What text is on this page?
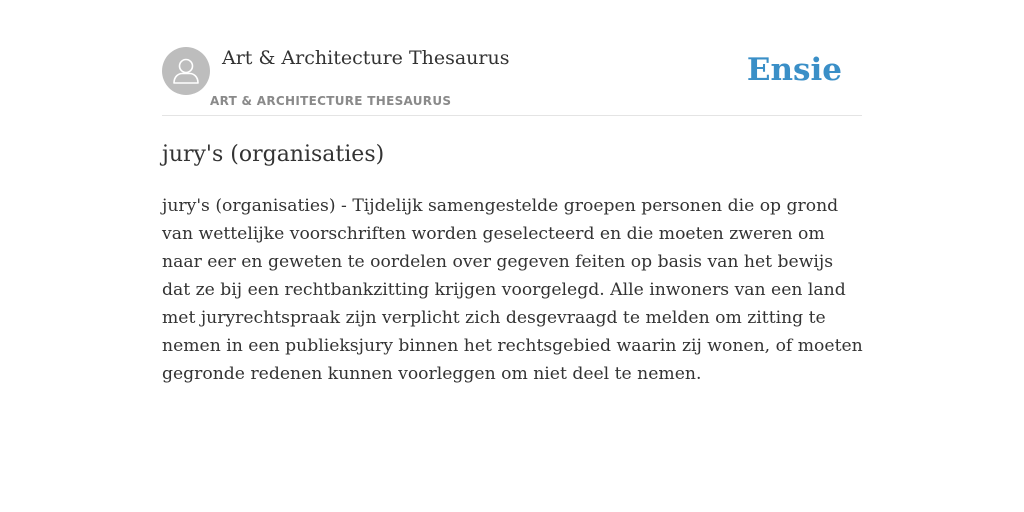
Art & Architecture Thesaurus
ART & ARCHITECTURE THESAURUS
Ensie
jury's (organisaties)

jury's (organisaties) - Tijdelijk samengestelde groepen personen die op grond van wettelijke voorschriften worden geselecteerd en die moeten zweren om naar eer en geweten te oordelen over gegeven feiten op basis van het bewijs dat ze bij een rechtbankzitting krijgen voorgelegd. Alle inwoners van een land met juryrechtspraak zijn verplicht zich desgevraagd te melden om zitting te nemen in een publieksjury binnen het rechtsgebied waarin zij wonen, of moeten gegronde redenen kunnen voorleggen om niet deel te nemen.
